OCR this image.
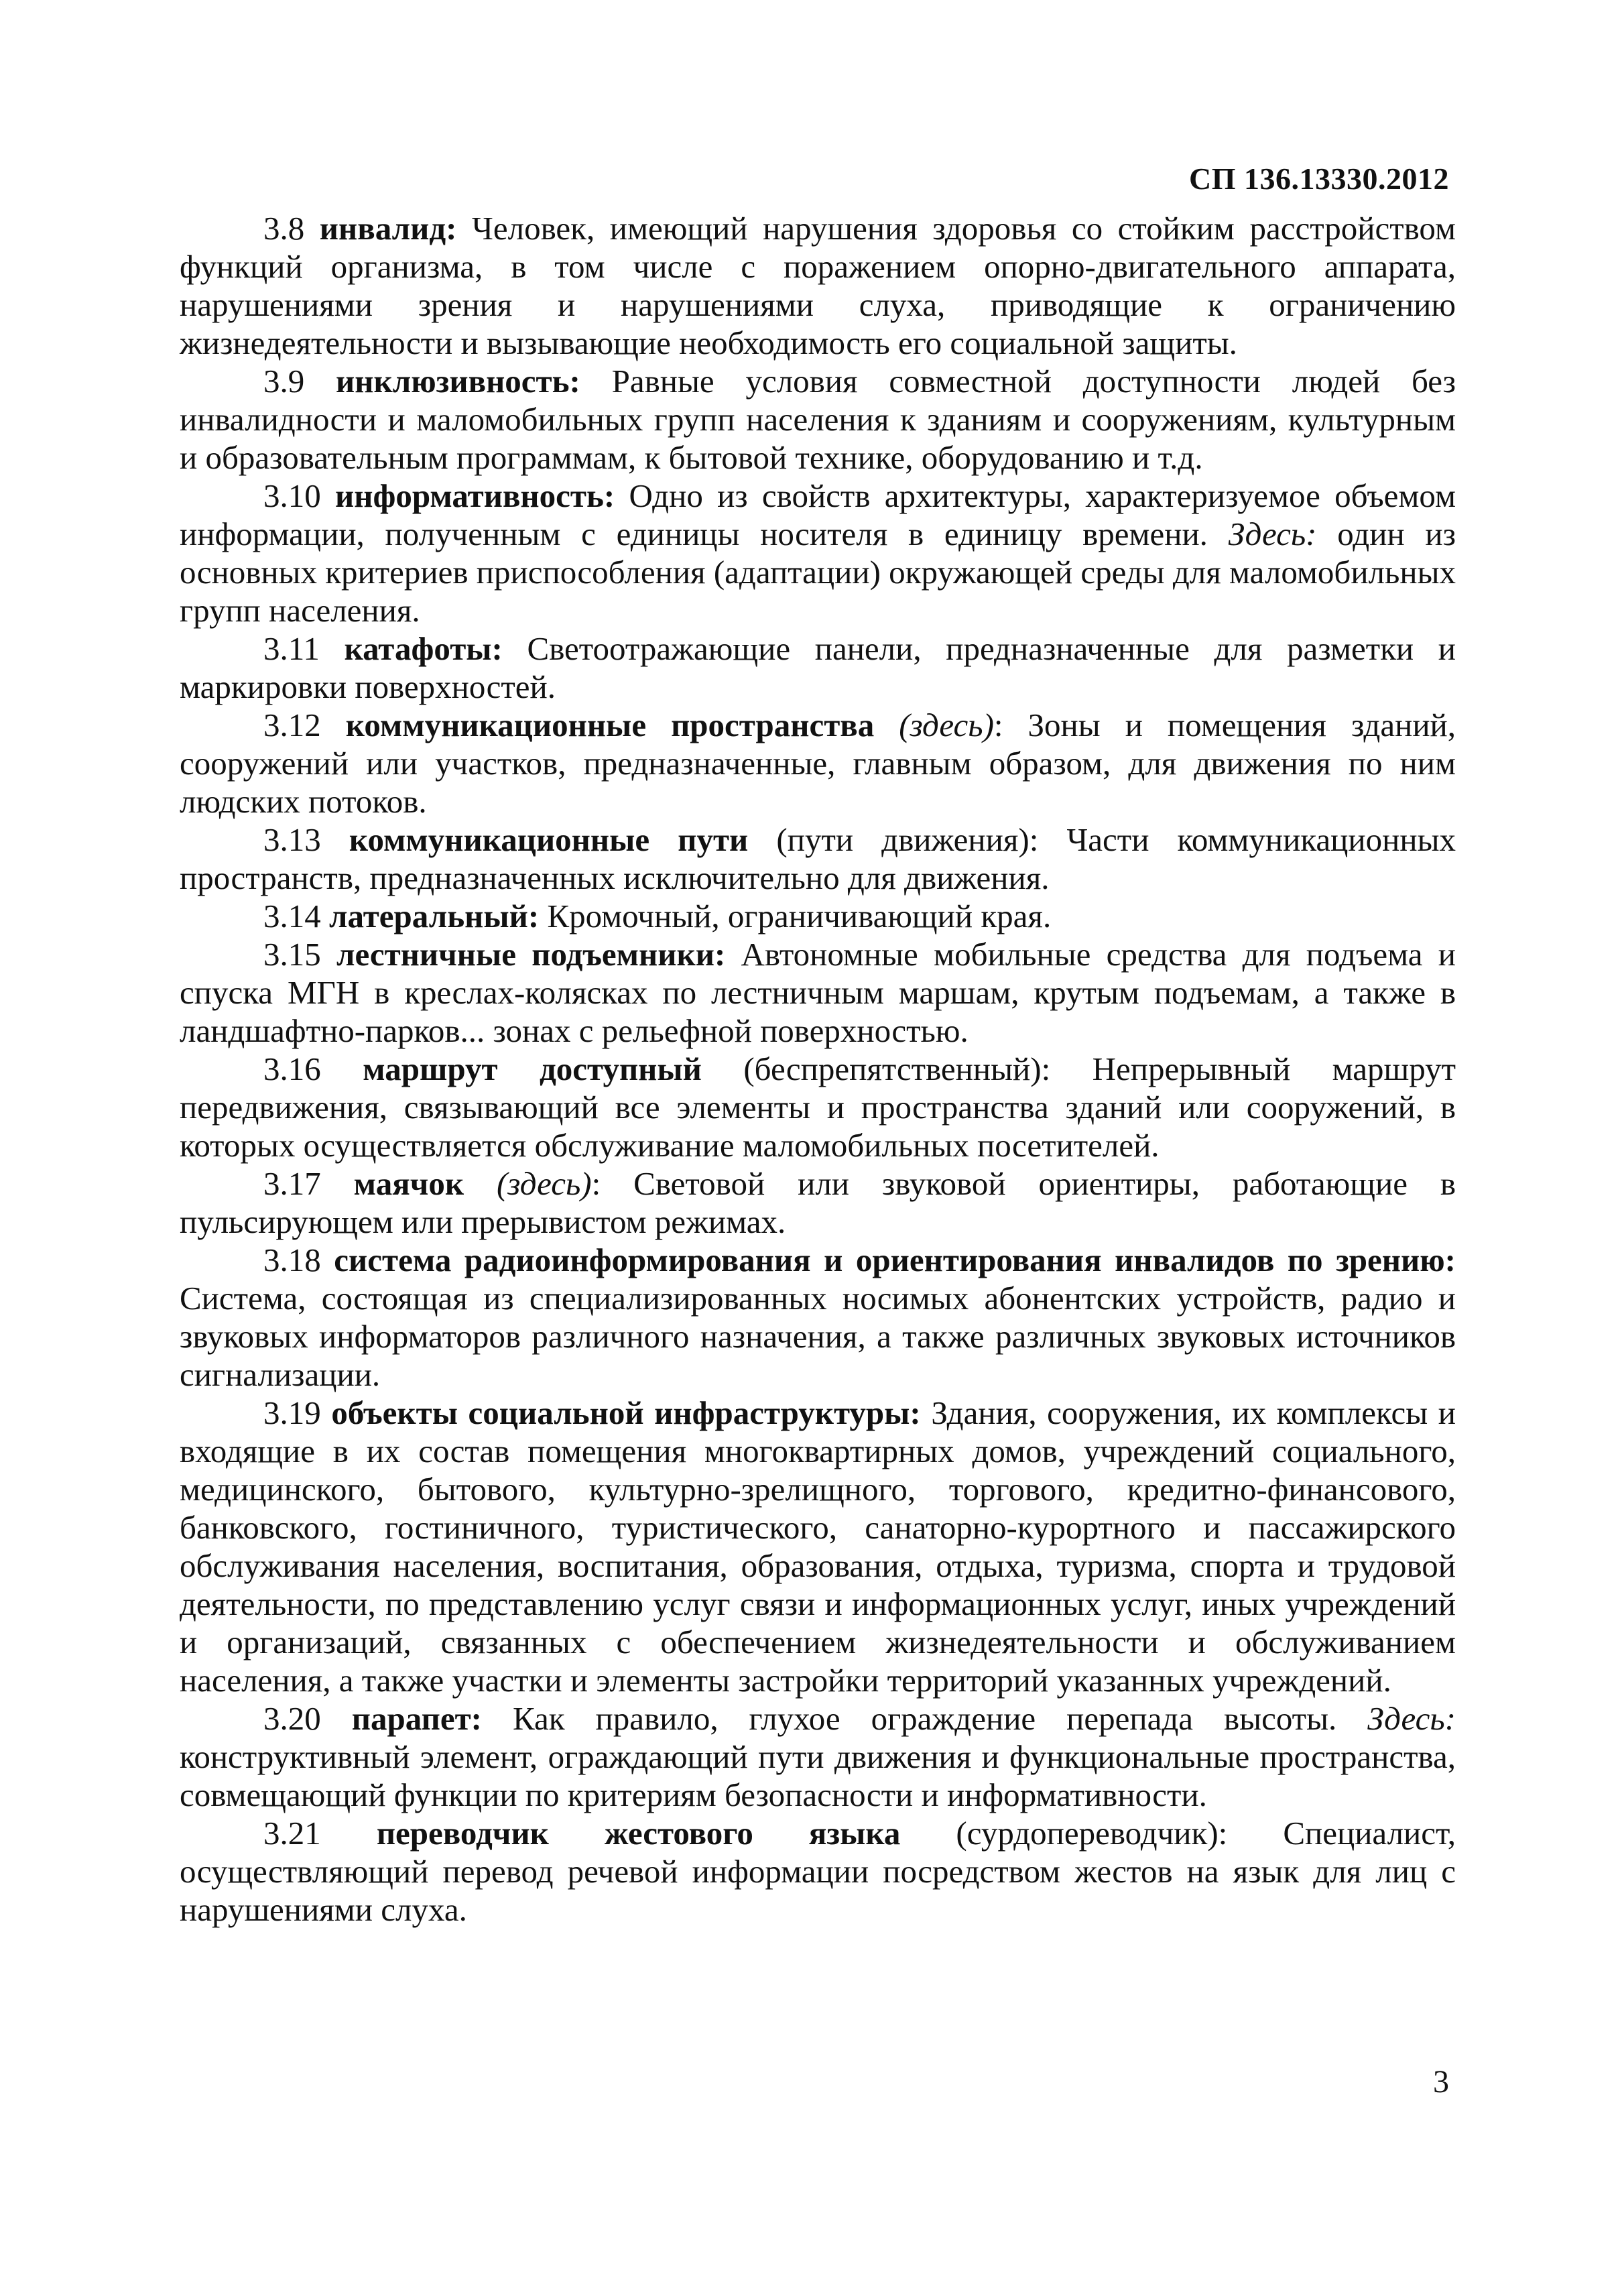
СП 136.13330.2012

3.8 инвалид: Человек, имеющий нарушения здоровья со стойким расстройством функций организма, в том числе с поражением опорно-двигательного аппарата, нарушениями зрения и нарушениями слуха, приводящие к ограничению жизнедеятельности и вызывающие необходимость его социальной защиты.

3.9 инклюзивность: Равные условия совместной доступности людей без инвалидности и маломобильных групп населения к зданиям и сооружениям, культурным и образовательным программам, к бытовой технике, оборудованию и т.д.

3.10 информативность: Одно из свойств архитектуры, характеризуемое объемом информации, полученным с единицы носителя в единицу времени. Здесь: один из основных критериев приспособления (адаптации) окружающей среды для маломобильных групп населения.

3.11 катафоты: Светоотражающие панели, предназначенные для разметки и маркировки поверхностей.

3.12 коммуникационные пространства (здесь): Зоны и помещения зданий, сооружений или участков, предназначенные, главным образом, для движения по ним людских потоков.

3.13 коммуникационные пути (пути движения): Части коммуникационных пространств, предназначенных исключительно для движения.

3.14 латеральный: Кромочный, ограничивающий края.

3.15 лестничные подъемники: Автономные мобильные средства для подъема и спуска МГН в креслах-колясках по лестничным маршам, крутым подъемам, а также в ландшафтно-парков... зонах с рельефной поверхностью.

3.16 маршрут доступный (беспрепятственный): Непрерывный маршрут передвижения, связывающий все элементы и пространства зданий или сооружений, в которых осуществляется обслуживание маломобильных посетителей.

3.17 маячок (здесь): Световой или звуковой ориентиры, работающие в пульсирующем или прерывистом режимах.

3.18 система радиоинформирования и ориентирования инвалидов по зрению: Система, состоящая из специализированных носимых абонентских устройств, радио и звуковых информаторов различного назначения, а также различных звуковых источников сигнализации.

3.19 объекты социальной инфраструктуры: Здания, сооружения, их комплексы и входящие в их состав помещения многоквартирных домов, учреждений социального, медицинского, бытового, культурно-зрелищного, торгового, кредитно-финансового, банковского, гостиничного, туристического, санаторно-курортного и пассажирского обслуживания населения, воспитания, образования, отдыха, туризма, спорта и трудовой деятельности, по представлению услуг связи и информационных услуг, иных учреждений и организаций, связанных с обеспечением жизнедеятельности и обслуживанием населения, а также участки и элементы застройки территорий указанных учреждений.

3.20 парапет: Как правило, глухое ограждение перепада высоты. Здесь: конструктивный элемент, ограждающий пути движения и функциональные пространства, совмещающий функции по критериям безопасности и информативности.

3.21 переводчик жестового языка (сурдопереводчик): Специалист, осуществляющий перевод речевой информации посредством жестов на язык для лиц с нарушениями слуха.

3
